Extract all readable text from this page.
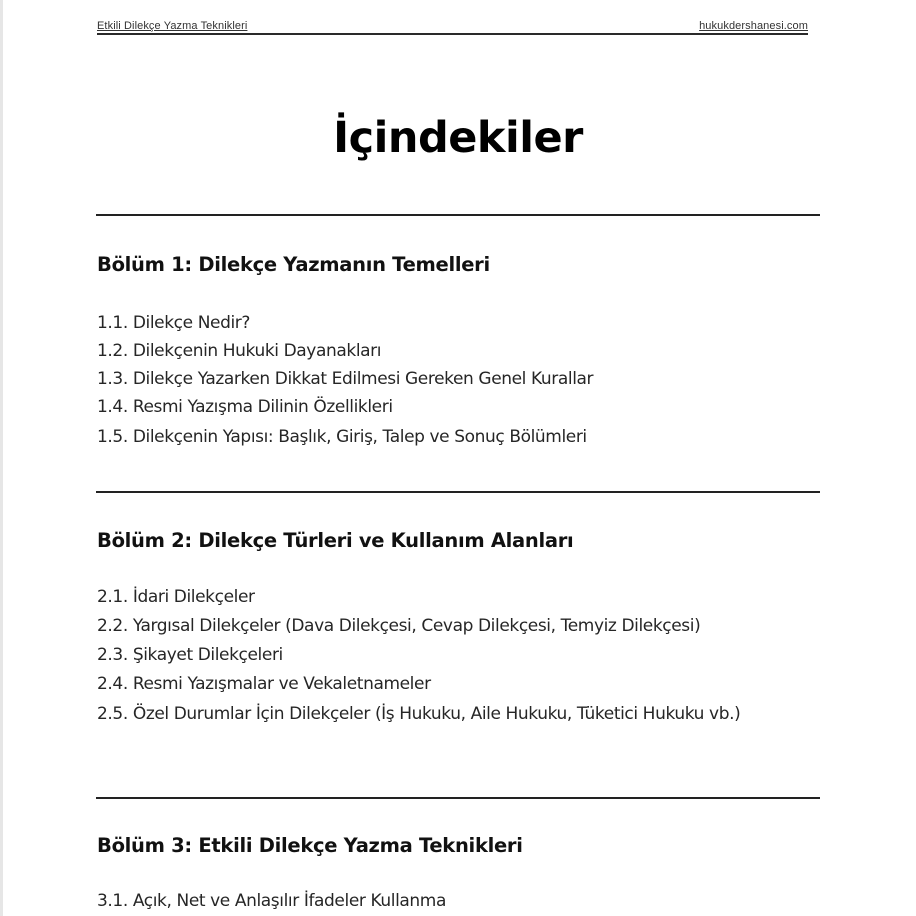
Etkili Dilekçe Yazma Teknikleri	hukukdershanesi.com
İçindekiler
Bölüm 1: Dilekçe Yazmanın Temelleri
1.1. Dilekçe Nedir?
1.2. Dilekçenin Hukuki Dayanakları
1.3. Dilekçe Yazarken Dikkat Edilmesi Gereken Genel Kurallar
1.4. Resmi Yazışma Dilinin Özellikleri
1.5. Dilekçenin Yapısı: Başlık, Giriş, Talep ve Sonuç Bölümleri
Bölüm 2: Dilekçe Türleri ve Kullanım Alanları
2.1. İdari Dilekçeler
2.2. Yargısal Dilekçeler (Dava Dilekçesi, Cevap Dilekçesi, Temyiz Dilekçesi)
2.3. Şikayet Dilekçeleri
2.4. Resmi Yazışmalar ve Vekaletnameler
2.5. Özel Durumlar İçin Dilekçeler (İş Hukuku, Aile Hukuku, Tüketici Hukuku vb.)
Bölüm 3: Etkili Dilekçe Yazma Teknikleri
3.1. Açık, Net ve Anlaşılır İfadeler Kullanma
